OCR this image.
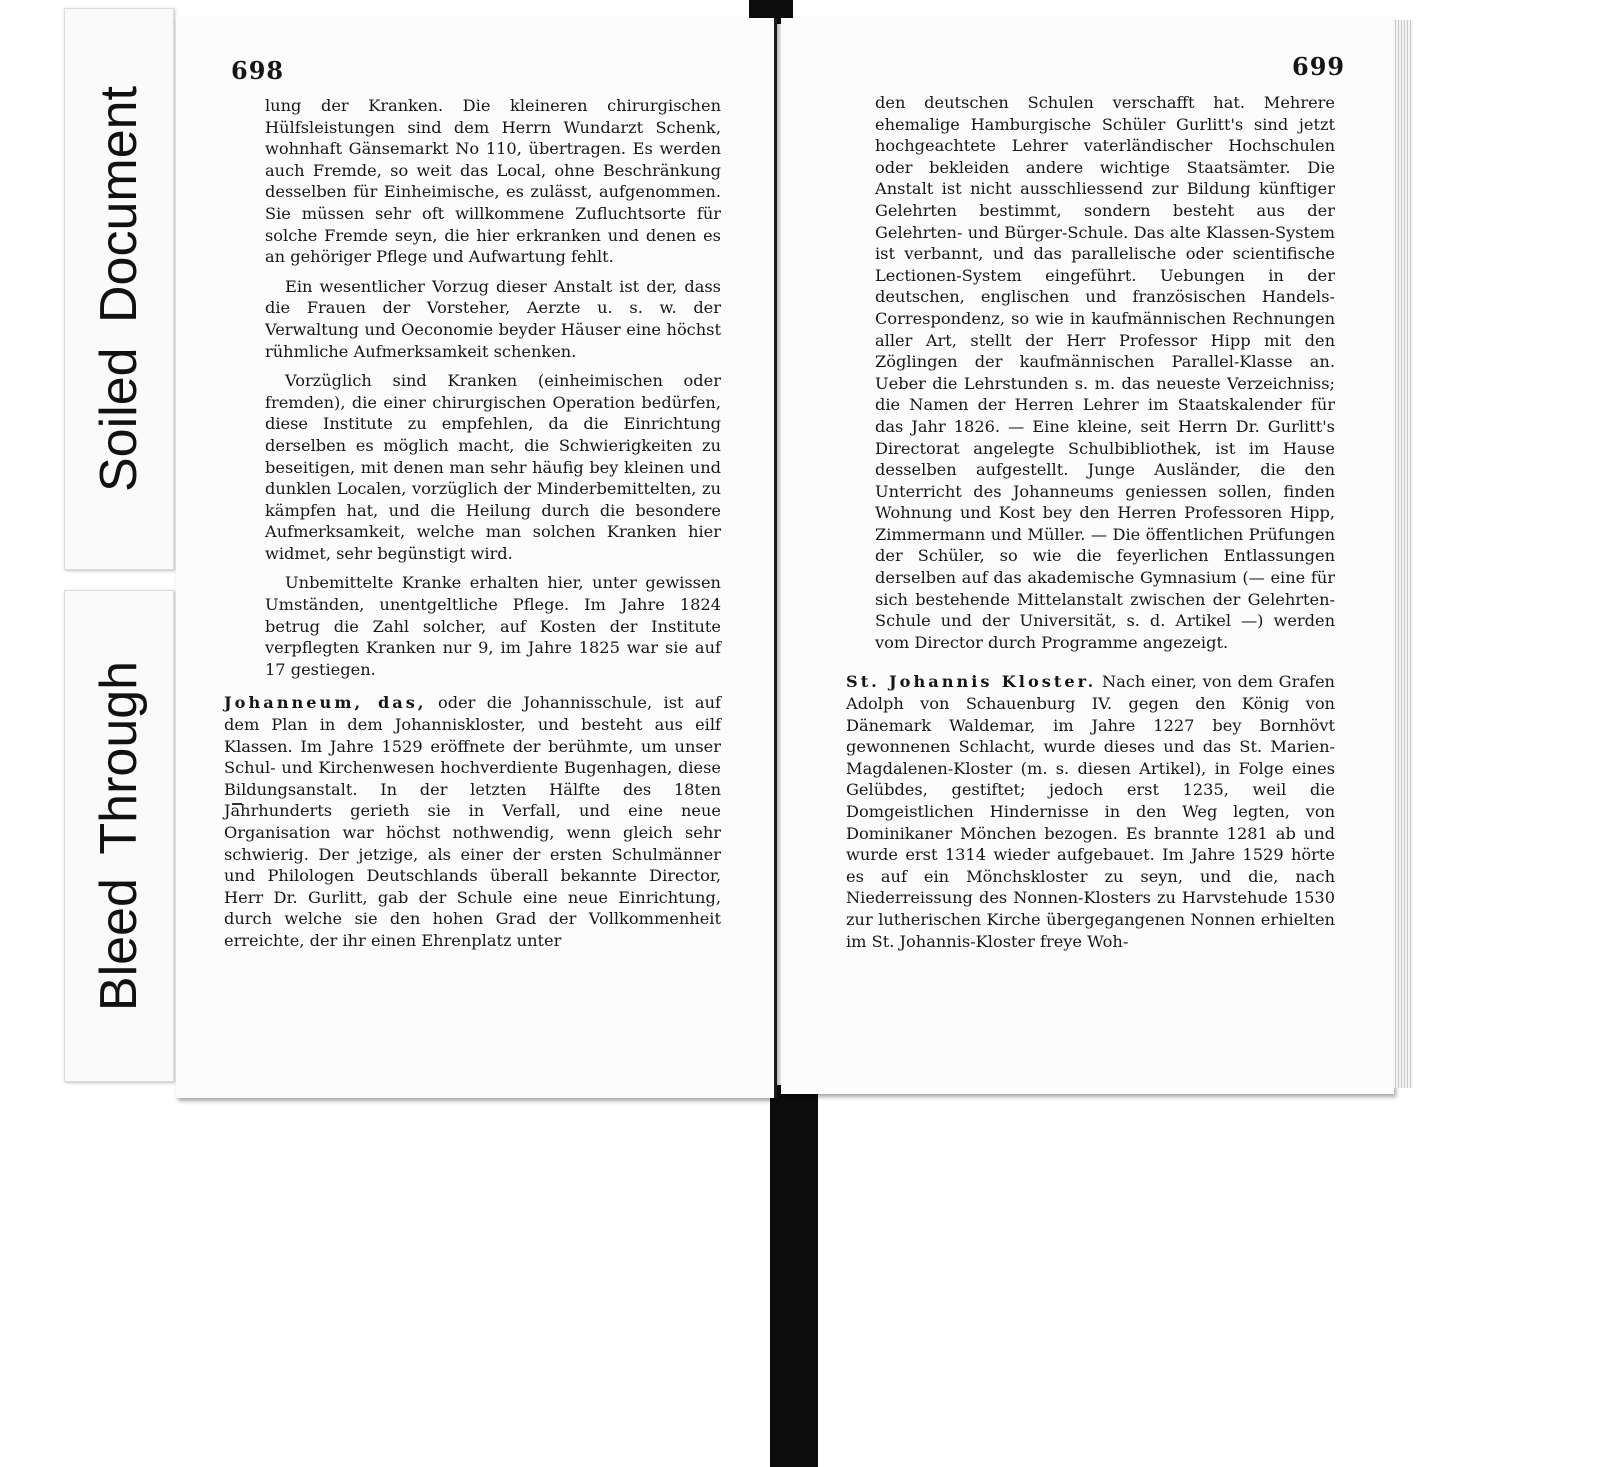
Soiled Document
Bleed Through
698	699

lung der Kranken. Die kleineren chirurgischen Hülfsleistungen sind dem Herrn Wundarzt Schenk, wohnhaft Gänsemarkt No 110, übertragen. Es werden auch Fremde, so weit das Local, ohne Beschränkung desselben für Einheimische, es zulässt, aufgenommen. Sie müssen sehr oft willkommene Zufluchtsorte für solche Fremde seyn, die hier erkranken und denen es an gehöriger Pflege und Aufwartung fehlt.

Ein wesentlicher Vorzug dieser Anstalt ist der, dass die Frauen der Vorsteher, Aerzte u. s. w. der Verwaltung und Oeconomie beyder Häuser eine höchst rühmliche Aufmerksamkeit schenken.

Vorzüglich sind Kranken (einheimischen oder fremden), die einer chirurgischen Operation bedürfen, diese Institute zu empfehlen, da die Einrichtung derselben es möglich macht, die Schwierigkeiten zu beseitigen, mit denen man sehr häufig bey kleinen und dunklen Localen, vorzüglich der Minderbemittelten, zu kämpfen hat, und die Heilung durch die besondere Aufmerksamkeit, welche man solchen Kranken hier widmet, sehr begünstigt wird.

Unbemittelte Kranke erhalten hier, unter gewissen Umständen, unentgeltliche Pflege. Im Jahre 1824 betrug die Zahl solcher, auf Kosten der Institute verpflegten Kranken nur 9, im Jahre 1825 war sie auf 17 gestiegen.

Johanneum, das, oder die Johannisschule, ist auf dem Plan in dem Johanniskloster, und besteht aus eilf Klassen. Im Jahre 1529 eröffnete der berühmte, um unser Schul- und Kirchenwesen hochverdiente Bugenhagen, diese Bildungsanstalt. In der letzten Hälfte des 18ten Jahrhunderts gerieth sie in Verfall, und eine neue Organisation war höchst nothwendig, wenn gleich sehr schwierig. Der jetzige, als einer der ersten Schulmänner und Philologen Deutschlands überall bekannte Director, Herr Dr. Gurlitt, gab der Schule eine neue Einrichtung, durch welche sie den hohen Grad der Vollkommenheit erreichte, der ihr einen Ehrenplatz unter

den deutschen Schulen verschafft hat. Mehrere ehemalige Hamburgische Schüler Gurlitt's sind jetzt hochgeachtete Lehrer vaterländischer Hochschulen oder bekleiden andere wichtige Staatsämter. Die Anstalt ist nicht ausschliessend zur Bildung künftiger Gelehrten bestimmt, sondern besteht aus der Gelehrten- und Bürger-Schule. Das alte Klassen-System ist verbannt, und das parallelische oder scientifische Lectionen-System eingeführt. Uebungen in der deutschen, englischen und französischen Handels-Correspondenz, so wie in kaufmännischen Rechnungen aller Art, stellt der Herr Professor Hipp mit den Zöglingen der kaufmännischen Parallel-Klasse an. Ueber die Lehrstunden s. m. das neueste Verzeichniss; die Namen der Herren Lehrer im Staatskalender für das Jahr 1826. — Eine kleine, seit Herrn Dr. Gurlitt's Directorat angelegte Schulbibliothek, ist im Hause desselben aufgestellt. Junge Ausländer, die den Unterricht des Johanneums geniessen sollen, finden Wohnung und Kost bey den Herren Professoren Hipp, Zimmermann und Müller. — Die öffentlichen Prüfungen der Schüler, so wie die feyerlichen Entlassungen derselben auf das akademische Gymnasium (— eine für sich bestehende Mittelanstalt zwischen der Gelehrten-Schule und der Universität, s. d. Artikel —) werden vom Director durch Programme angezeigt.

St. Johannis Kloster. Nach einer, von dem Grafen Adolph von Schauenburg IV. gegen den König von Dänemark Waldemar, im Jahre 1227 bey Bornhövt gewonnenen Schlacht, wurde dieses und das St. Marien-Magdalenen-Kloster (m. s. diesen Artikel), in Folge eines Gelübdes, gestiftet; jedoch erst 1235, weil die Domgeistlichen Hindernisse in den Weg legten, von Dominikaner Mönchen bezogen. Es brannte 1281 ab und wurde erst 1314 wieder aufgebauet. Im Jahre 1529 hörte es auf ein Mönchskloster zu seyn, und die, nach Niederreissung des Nonnen-Klosters zu Harvstehude 1530 zur lutherischen Kirche übergegangenen Nonnen erhielten im St. Johannis-Kloster freye Woh-
